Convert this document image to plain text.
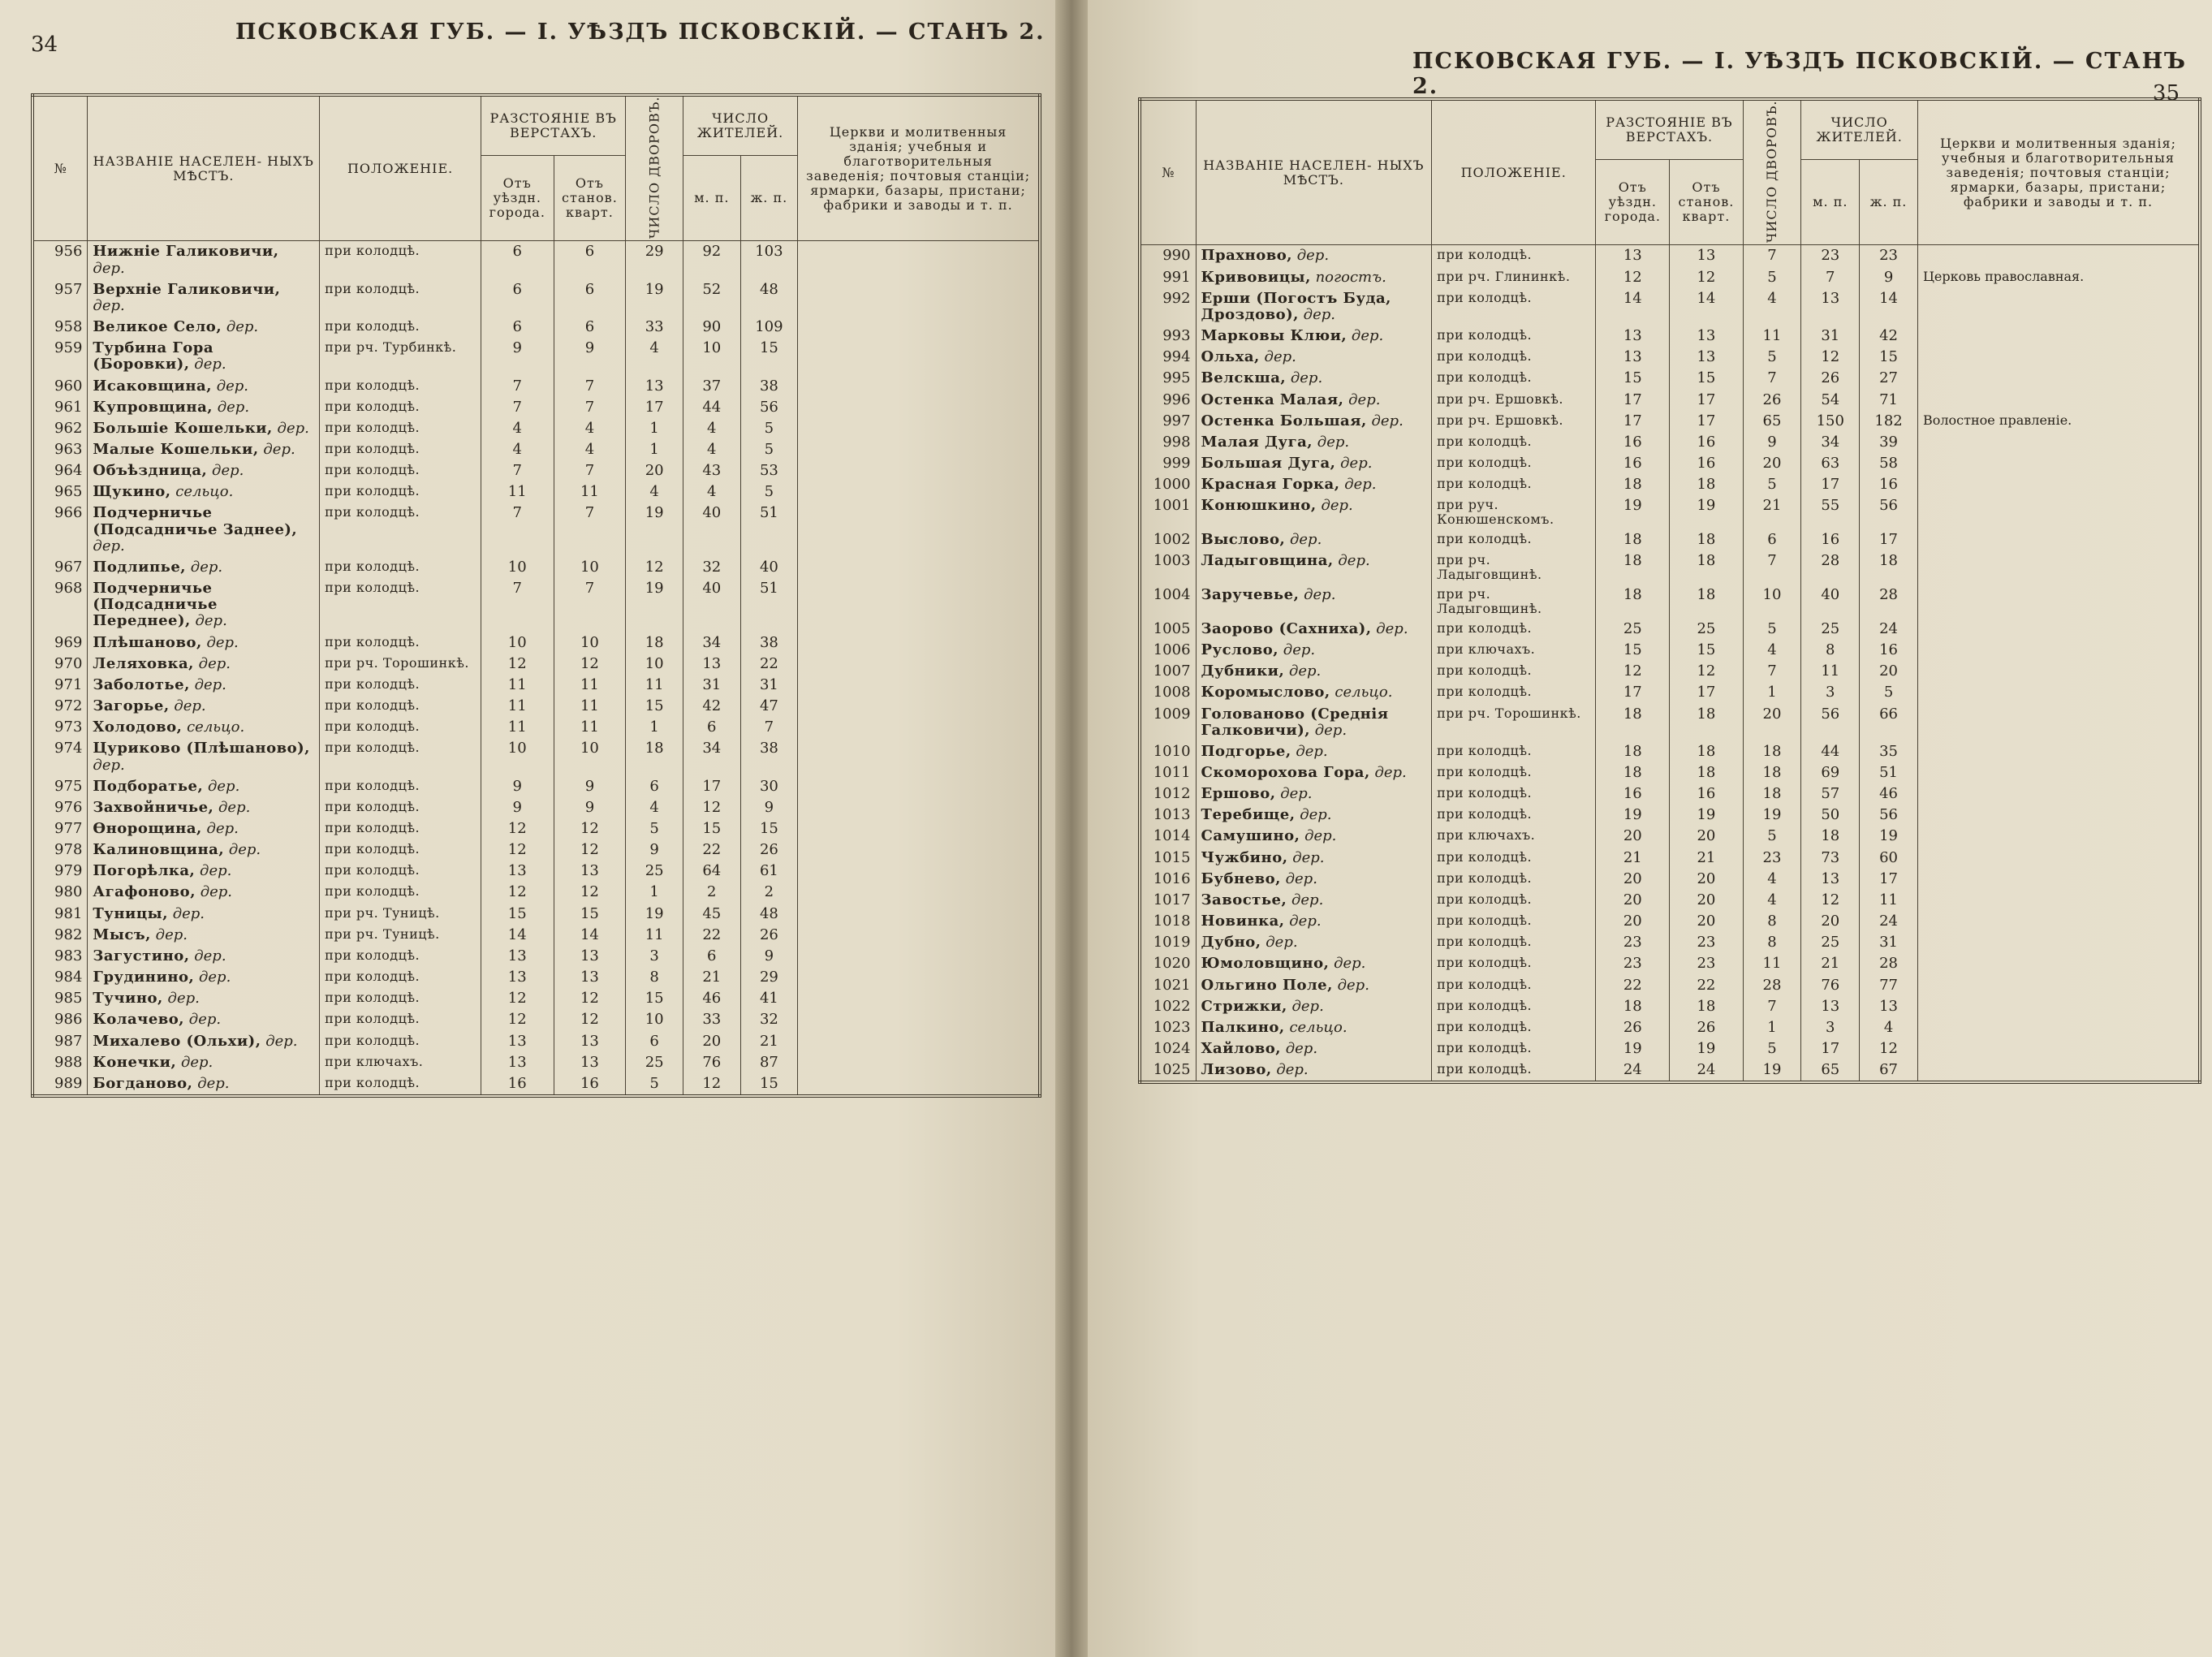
34	ПСКОВСКАЯ ГУБ. — I. УѢЗДЪ ПСКОВСКІЙ. — СТАНЪ 2.
№	НАЗВАНІЕ НАСЕЛЕН- НЫХЪ МѢСТЪ.	ПОЛОЖЕНІЕ.	РАЗСТОЯНІЕ ВЪ ВЕРСТАХЪ.		ЧИСЛО ДВОРОВЪ.	ЧИСЛО ЖИТЕЛЕЙ.		Церкви и молитвенныя зданія; учебныя и благотворительныя заведенія; почтовыя станціи; ярмарки, базары, пристани; фабрики и заводы и т. п.
			Отъ уѣздн. города.	Отъ станов. кварт.		м. п.	ж. п.	
956	Нижніе Галиковичи, дер.	при колодцѣ.	6	6	29	92	103	
957	Верхніе Галиковичи, дер.	при колодцѣ.	6	6	19	52	48	
958	Великое Село, дер.	при колодцѣ.	6	6	33	90	109	
959	Турбина Гора (Боровки), дер.	при рч. Турбинкѣ.	9	9	4	10	15	
960	Исаковщина, дер.	при колодцѣ.	7	7	13	37	38	
961	Купровщина, дер.	при колодцѣ.	7	7	17	44	56	
962	Большіе Кошельки, дер.	при колодцѣ.	4	4	1	4	5	
963	Малые Кошельки, дер.	при колодцѣ.	4	4	1	4	5	
964	Объѣздница, дер.	при колодцѣ.	7	7	20	43	53	
965	Щукино, сельцо.	при колодцѣ.	11	11	4	4	5	
966	Подчерничье (Подсадничье Заднее), дер.	при колодцѣ.	7	7	19	40	51	
967	Подлипье, дер.	при колодцѣ.	10	10	12	32	40	
968	Подчерничье (Подсадничье Переднее), дер.	при колодцѣ.	7	7	19	40	51	
969	Плѣшаново, дер.	при колодцѣ.	10	10	18	34	38	
970	Леляховка, дер.	при рч. Торошинкѣ.	12	12	10	13	22	
971	Заболотье, дер.	при колодцѣ.	11	11	11	31	31	
972	Загорье, дер.	при колодцѣ.	11	11	15	42	47	
973	Холодово, сельцо.	при колодцѣ.	11	11	1	6	7	
974	Цуриково (Плѣшаново), дер.	при колодцѣ.	10	10	18	34	38	
975	Подборатье, дер.	при колодцѣ.	9	9	6	17	30	
976	Захвойничье, дер.	при колодцѣ.	9	9	4	12	9	
977	Өнорощина, дер.	при колодцѣ.	12	12	5	15	15	
978	Калиновщина, дер.	при колодцѣ.	12	12	9	22	26	
979	Погорѣлка, дер.	при колодцѣ.	13	13	25	64	61	
980	Агафоново, дер.	при колодцѣ.	12	12	1	2	2	
981	Туницы, дер.	при рч. Туницѣ.	15	15	19	45	48	
982	Мысъ, дер.	при рч. Туницѣ.	14	14	11	22	26	
983	Загустино, дер.	при колодцѣ.	13	13	3	6	9	
984	Грудинино, дер.	при колодцѣ.	13	13	8	21	29	
985	Тучино, дер.	при колодцѣ.	12	12	15	46	41	
986	Колачево, дер.	при колодцѣ.	12	12	10	33	32	
987	Михалево (Ольхи), дер.	при колодцѣ.	13	13	6	20	21	
988	Конечки, дер.	при ключахъ.	13	13	25	76	87	
989	Богданово, дер.	при колодцѣ.	16	16	5	12	15	
ПСКОВСКАЯ ГУБ. — I. УѢЗДЪ ПСКОВСКІЙ. — СТАНЪ 2.	35
№	НАЗВАНІЕ НАСЕЛЕН- НЫХЪ МѢСТЪ.	ПОЛОЖЕНІЕ.	РАЗСТОЯНІЕ ВЪ ВЕРСТАХЪ.		ЧИСЛО ДВОРОВЪ.	ЧИСЛО ЖИТЕЛЕЙ.		Церкви и молитвенныя зданія; учебныя и благотворительныя заведенія; почтовыя станціи; ярмарки, базары, пристани; фабрики и заводы и т. п.
			Отъ уѣздн. города.	Отъ станов. кварт.		м. п.	ж. п.	
990	Прахново, дер.	при колодцѣ.	13	13	7	23	23	
991	Кривовицы, погостъ.	при рч. Глининкѣ.	12	12	5	7	9	Церковь православная.
992	Ерши (Погостъ Буда, Дроздово), дер.	при колодцѣ.	14	14	4	13	14	
993	Марковы Клюи, дер.	при колодцѣ.	13	13	11	31	42	
994	Ольха, дер.	при колодцѣ.	13	13	5	12	15	
995	Велскша, дер.	при колодцѣ.	15	15	7	26	27	
996	Остенка Малая, дер.	при рч. Ершовкѣ.	17	17	26	54	71	
997	Остенка Большая, дер.	при рч. Ершовкѣ.	17	17	65	150	182	Волостное правленіе.
998	Малая Дуга, дер.	при колодцѣ.	16	16	9	34	39	
999	Большая Дуга, дер.	при колодцѣ.	16	16	20	63	58	
1000	Красная Горка, дер.	при колодцѣ.	18	18	5	17	16	
1001	Конюшкино, дер.	при руч. Конюшенскомъ.	19	19	21	55	56	
1002	Выслово, дер.	при колодцѣ.	18	18	6	16	17	
1003	Ладыговщина, дер.	при рч. Ладыговщинѣ.	18	18	7	28	18	
1004	Заручевье, дер.	при рч. Ладыговщинѣ.	18	18	10	40	28	
1005	Заорово (Сахниха), дер.	при колодцѣ.	25	25	5	25	24	
1006	Руслово, дер.	при ключахъ.	15	15	4	8	16	
1007	Дубники, дер.	при колодцѣ.	12	12	7	11	20	
1008	Коромыслово, сельцо.	при колодцѣ.	17	17	1	3	5	
1009	Голованово (Среднія Галковичи), дер.	при рч. Торошинкѣ.	18	18	20	56	66	
1010	Подгорье, дер.	при колодцѣ.	18	18	18	44	35	
1011	Скоморохова Гора, дер.	при колодцѣ.	18	18	18	69	51	
1012	Ершово, дер.	при колодцѣ.	16	16	18	57	46	
1013	Теребище, дер.	при колодцѣ.	19	19	19	50	56	
1014	Самушино, дер.	при ключахъ.	20	20	5	18	19	
1015	Чужбино, дер.	при колодцѣ.	21	21	23	73	60	
1016	Бубнево, дер.	при колодцѣ.	20	20	4	13	17	
1017	Завостье, дер.	при колодцѣ.	20	20	4	12	11	
1018	Новинка, дер.	при колодцѣ.	20	20	8	20	24	
1019	Дубно, дер.	при колодцѣ.	23	23	8	25	31	
1020	Юмоловщино, дер.	при колодцѣ.	23	23	11	21	28	
1021	Ольгино Поле, дер.	при колодцѣ.	22	22	28	76	77	
1022	Стрижки, дер.	при колодцѣ.	18	18	7	13	13	
1023	Палкино, сельцо.	при колодцѣ.	26	26	1	3	4	
1024	Хайлово, дер.	при колодцѣ.	19	19	5	17	12	
1025	Лизово, дер.	при колодцѣ.	24	24	19	65	67	
